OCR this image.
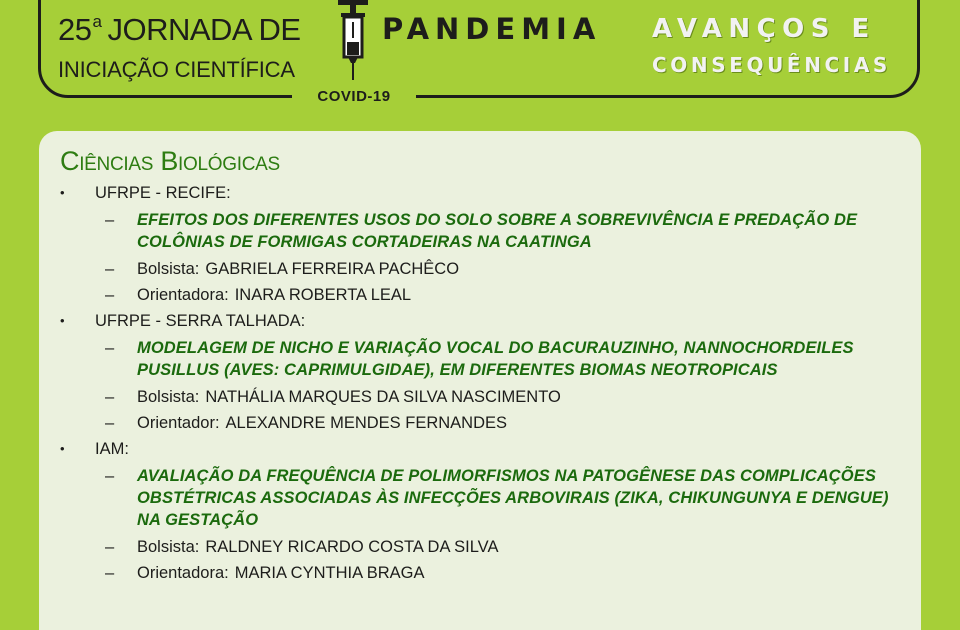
COVID-19
25$^a$ JORNADA DE
INICIAÇÃO CIENTÍFICA
PANDEMIA AVANÇOS E
CONSEQUÊNCIAS
Ciências Biológicas
•	UFRPE - RECIFE:
–	EFEITOS DOS DIFERENTES USOS DO SOLO SOBRE A SOBREVIVÊNCIA E PREDAÇÃO DE COLÔNIAS DE FORMIGAS CORTADEIRAS NA CAATINGA
–	Bolsista: GABRIELA FERREIRA PACHÊCO
–	Orientadora: INARA ROBERTA LEAL
•	UFRPE - SERRA TALHADA:
–	MODELAGEM DE NICHO E VARIAÇÃO VOCAL DO BACURAUZINHO, NANNOCHORDEILES PUSILLUS (AVES: CAPRIMULGIDAE), EM DIFERENTES BIOMAS NEOTROPICAIS
–	Bolsista: NATHÁLIA MARQUES DA SILVA NASCIMENTO
–	Orientador: ALEXANDRE MENDES FERNANDES
•	IAM:
–	AVALIAÇÃO DA FREQUÊNCIA DE POLIMORFISMOS NA PATOGÊNESE DAS COMPLICAÇÕES OBSTÉTRICAS ASSOCIADAS ÀS INFECÇÕES ARBOVIRAIS (ZIKA, CHIKUNGUNYA E DENGUE) NA GESTAÇÃO
–	Bolsista: RALDNEY RICARDO COSTA DA SILVA
–	Orientadora: MARIA CYNTHIA BRAGA
